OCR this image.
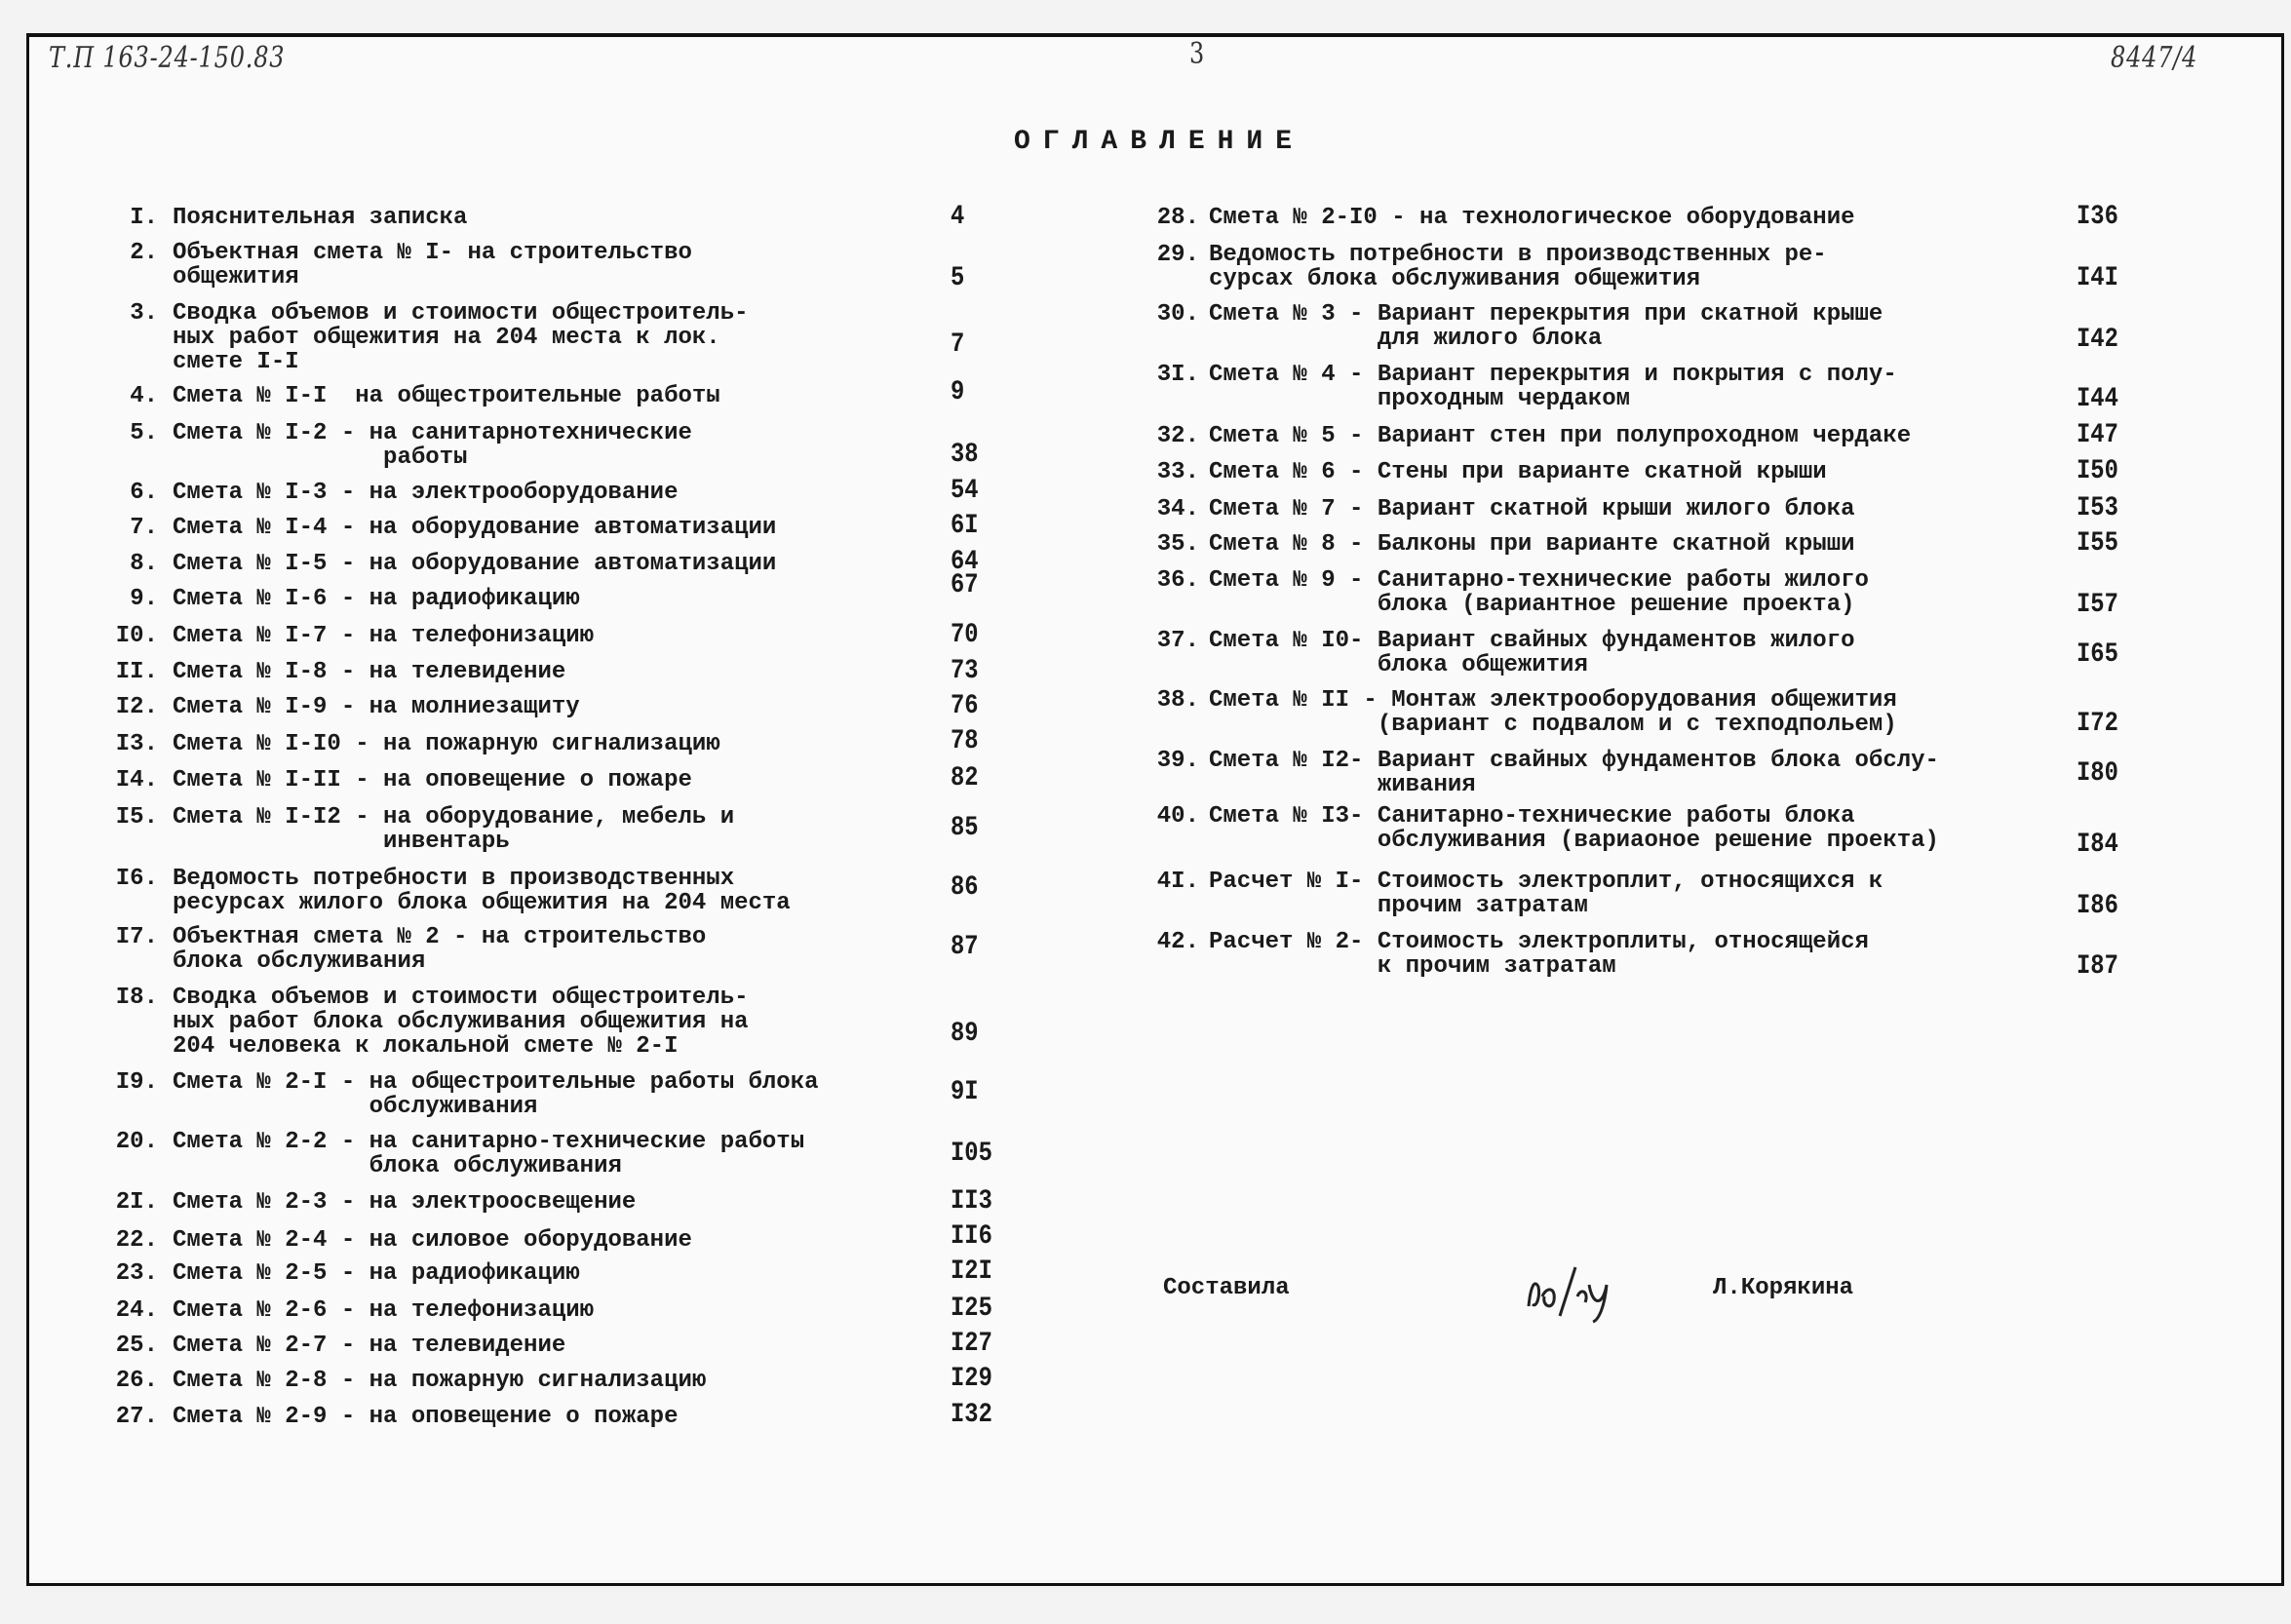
Т.П 163-24-150.83	3	8447/4
ОГЛАВЛЕНИЕ
I. Пояснительная записка	4
2. Объектная смета № I- на строительство
общежития	5
3. Сводка объемов и стоимости общестроитель-
ных работ общежития на 204 места к лок.
смете I-I
7
4. Смета № I-I  на общестроительные работы	9
5. Смета № I-2 - на санитарнотехнические
работы	38
6. Смета № I-3 - на электрооборудование	54
7. Смета № I-4 - на оборудование автоматизации	6I
8. Смета № I-5 - на оборудование автоматизации	64
9. Смета № I-6 - на радиофикацию	67
I0. Смета № I-7 - на телефонизацию	70
II. Смета № I-8 - на телевидение	73
I2. Смета № I-9 - на молниезащиту	76
I3. Смета № I-I0 - на пожарную сигнализацию	78
I4. Смета № I-II - на оповещение о пожаре	82
I5. Смета № I-I2 - на оборудование, мебель и
инвентарь	85
I6. Ведомость потребности в производственных
ресурсах жилого блока общежития на 204 места
86
I7. Объектная смета № 2 - на строительство
блока обслуживания	87
I8. Сводка объемов и стоимости общестроитель-
ных работ блока обслуживания общежития на
204 человека к локальной смете № 2-I	89
I9. Смета № 2-I - на общестроительные работы блока
обслуживания	9I
20. Смета № 2-2 - на санитарно-технические работы
блока обслуживания	I05
2I. Смета № 2-3 - на электроосвещение	II3
22. Смета № 2-4 - на силовое оборудование	II6
23. Смета № 2-5 - на радиофикацию	I2I
24. Смета № 2-6 - на телефонизацию	I25
25. Смета № 2-7 - на телевидение	I27
26. Смета № 2-8 - на пожарную сигнализацию	I29
27. Смета № 2-9 - на оповещение о пожаре	I32
28. Смета № 2-I0 - на технологическое оборудование	I36
29. Ведомость потребности в производственных ре-
сурсах блока обслуживания общежития	I4I
30. Смета № 3 - Вариант перекрытия при скатной крыше
для жилого блока	I42
3I. Смета № 4 - Вариант перекрытия и покрытия с полу-
проходным чердаком	I44
32. Смета № 5 - Вариант стен при полупроходном чердаке	I47
33. Смета № 6 - Стены при варианте скатной крыши	I50
34. Смета № 7 - Вариант скатной крыши жилого блока	I53
35. Смета № 8 - Балконы при варианте скатной крыши	I55
36. Смета № 9 - Санитарно-технические работы жилого
блока (вариантное решение проекта)	I57
37. Смета № I0- Вариант свайных фундаментов жилого
блока общежития	I65
38. Смета № II - Монтаж электрооборудования общежития
(вариант с подвалом и с техподпольем)	I72
39. Смета № I2- Вариант свайных фундаментов блока обслу-
живания	I80
40. Смета № I3- Санитарно-технические работы блока
обслуживания (вариаоное решение проекта)	I84
4I. Расчет № I- Стоимость электроплит, относящихся к
прочим затратам	I86
42. Расчет № 2- Стоимость электроплиты, относящейся
к прочим затратам	I87
Составила	Л.Корякина
